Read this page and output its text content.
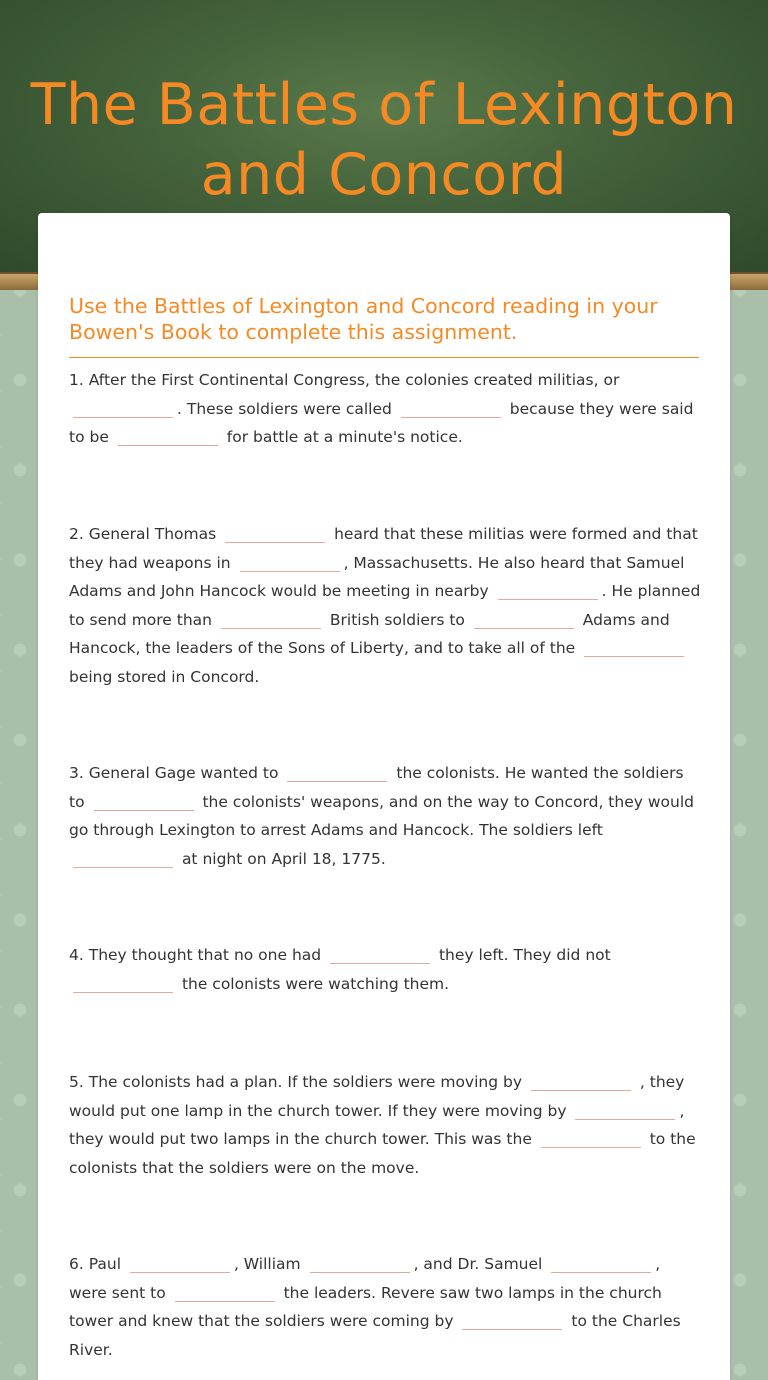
The Battles of Lexington and Concord
Use the Battles of Lexington and Concord reading in your Bowen's Book to complete this assignment.

1. After the First Continental Congress, the colonies created militias, or . These soldiers were called	because they were said to be	for battle at a minute's notice.

2. General Thomas	heard that these militias were formed and that they had weapons in	, Massachusetts. He also heard that Samuel Adams and John Hancock would be meeting in nearby	. He planned to send more than	British soldiers to	Adams and Hancock, the leaders of the Sons of Liberty, and to take all of the  being stored in Concord.

3. General Gage wanted to	the colonists. He wanted the soldiers to	the colonists' weapons, and on the way to Concord, they would go through Lexington to arrest Adams and Hancock. The soldiers left  at night on April 18, 1775.

4. They thought that no one had	they left. They did not  the colonists were watching them.

5. The colonists had a plan. If the soldiers were moving by	, they would put one lamp in the church tower. If they were moving by	, they would put two lamps in the church tower. This was the	to the colonists that the soldiers were on the move.

6. Paul	, William	, and Dr. Samuel	, were sent to	the leaders. Revere saw two lamps in the church tower and knew that the soldiers were coming by	to the Charles River.
